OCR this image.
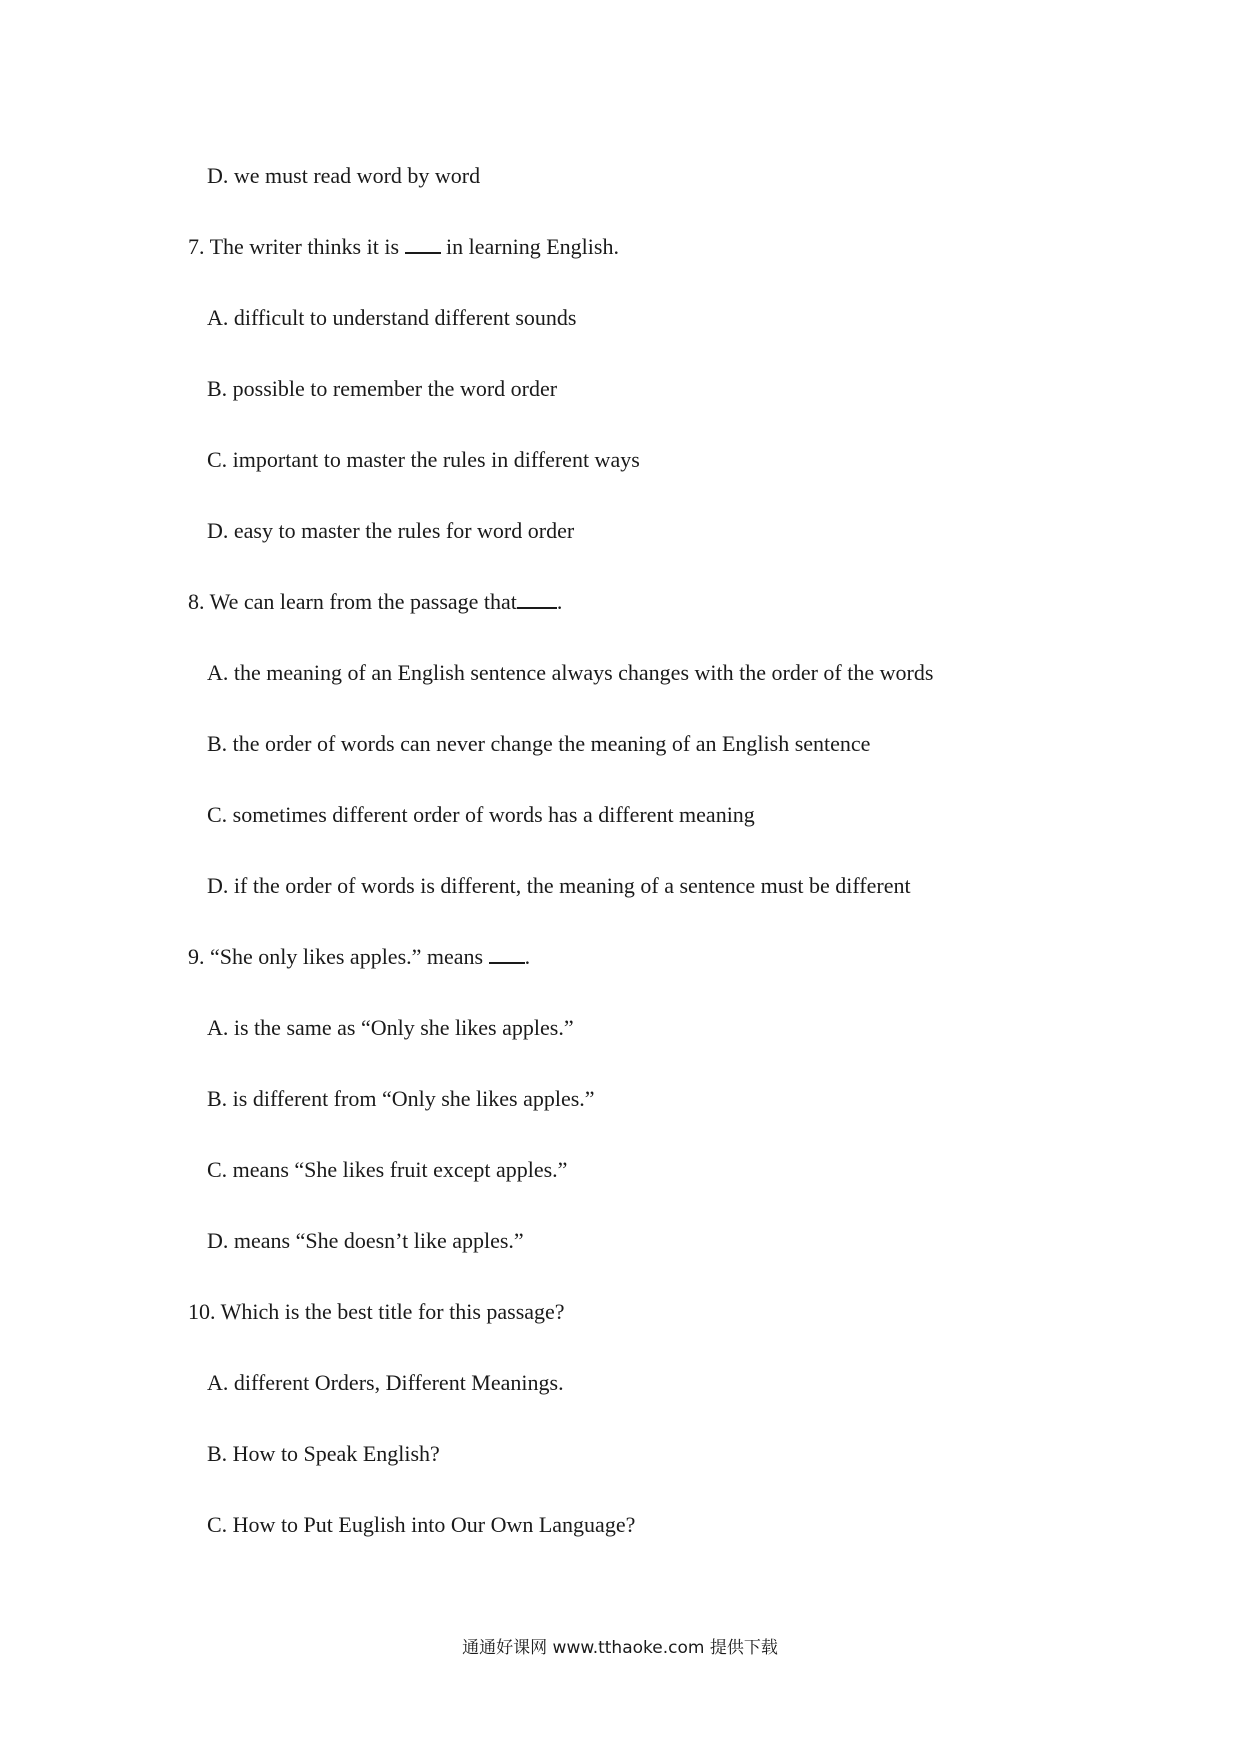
D. we must read word by word
7. The writer thinks it is  in learning English.
A. difficult to understand different sounds
B. possible to remember the word order
C. important to master the rules in different ways
D. easy to master the rules for word order
8. We can learn from the passage that .
A. the meaning of an English sentence always changes with the order of the words
B. the order of words can never change the meaning of an English sentence
C. sometimes different order of words has a different meaning
D. if the order of words is different, the meaning of a sentence must be different
9. “She only likes apples.” means .
A. is the same as “Only she likes apples.”
B. is different from “Only she likes apples.”
C. means “She likes fruit except apples.”
D. means “She doesn’t like apples.”
10. Which is the best title for this passage?
A. different Orders, Different Meanings.
B. How to Speak English?
C. How to Put Euglish into Our Own Language?
通通好课网 www.tthaoke.com 提供下载
